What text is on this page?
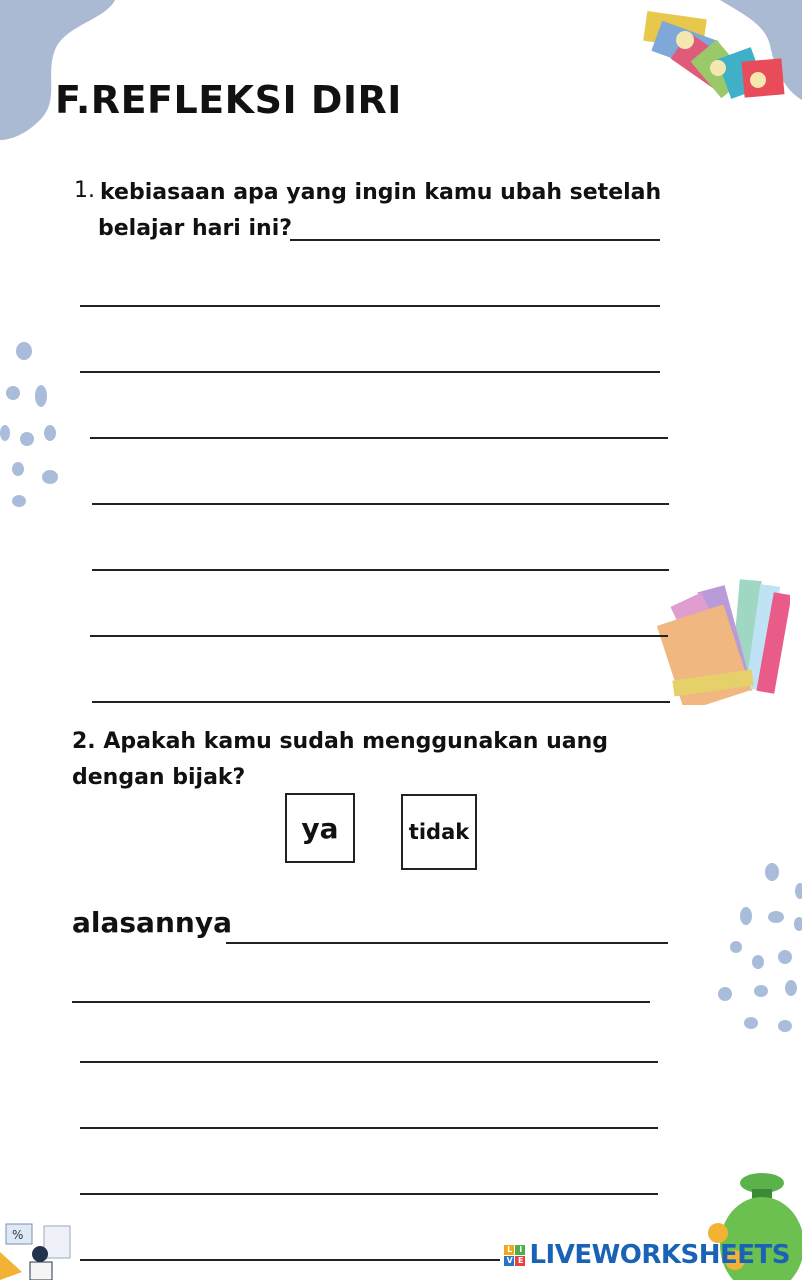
%
F.REFLEKSI DIRI
1. kebiasaan apa yang ingin kamu ubah setelah
belajar hari ini?
2. Apakah kamu sudah menggunakan uang
dengan bijak?
ya	tidak
alasannya
L I
V E LIVEWORKSHEETS
